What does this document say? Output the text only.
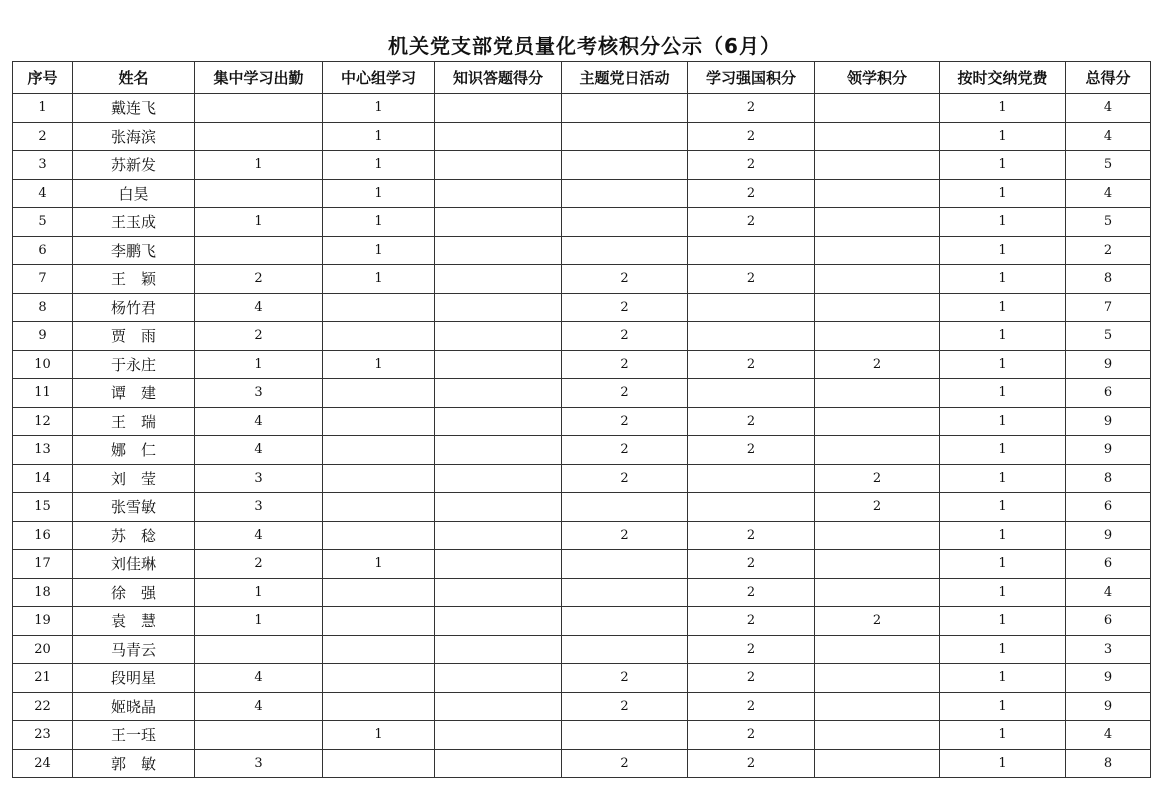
机关党支部党员量化考核积分公示（6月）
序号	姓名	集中学习出勤	中心组学习	知识答题得分	主题党日活动	学习强国积分	领学积分	按时交纳党费	总得分
1	戴连飞		1			2		1	4
2	张海滨		1			2		1	4
3	苏新发	1	1			2		1	5
4	白昊		1			2		1	4
5	王玉成	1	1			2		1	5
6	李鹏飞		1					1	2
7	王　颖	2	1		2	2		1	8
8	杨竹君	4			2			1	7
9	贾　雨	2			2			1	5
10	于永庄	1	1		2	2	2	1	9
11	谭　建	3			2			1	6
12	王　瑞	4			2	2		1	9
13	娜　仁	4			2	2		1	9
14	刘　莹	3			2		2	1	8
15	张雪敏	3					2	1	6
16	苏　稔	4			2	2		1	9
17	刘佳琳	2	1			2		1	6
18	徐　强	1				2		1	4
19	袁　慧	1				2	2	1	6
20	马青云					2		1	3
21	段明星	4			2	2		1	9
22	姬晓晶	4			2	2		1	9
23	王一珏		1			2		1	4
24	郭　敏	3			2	2		1	8
